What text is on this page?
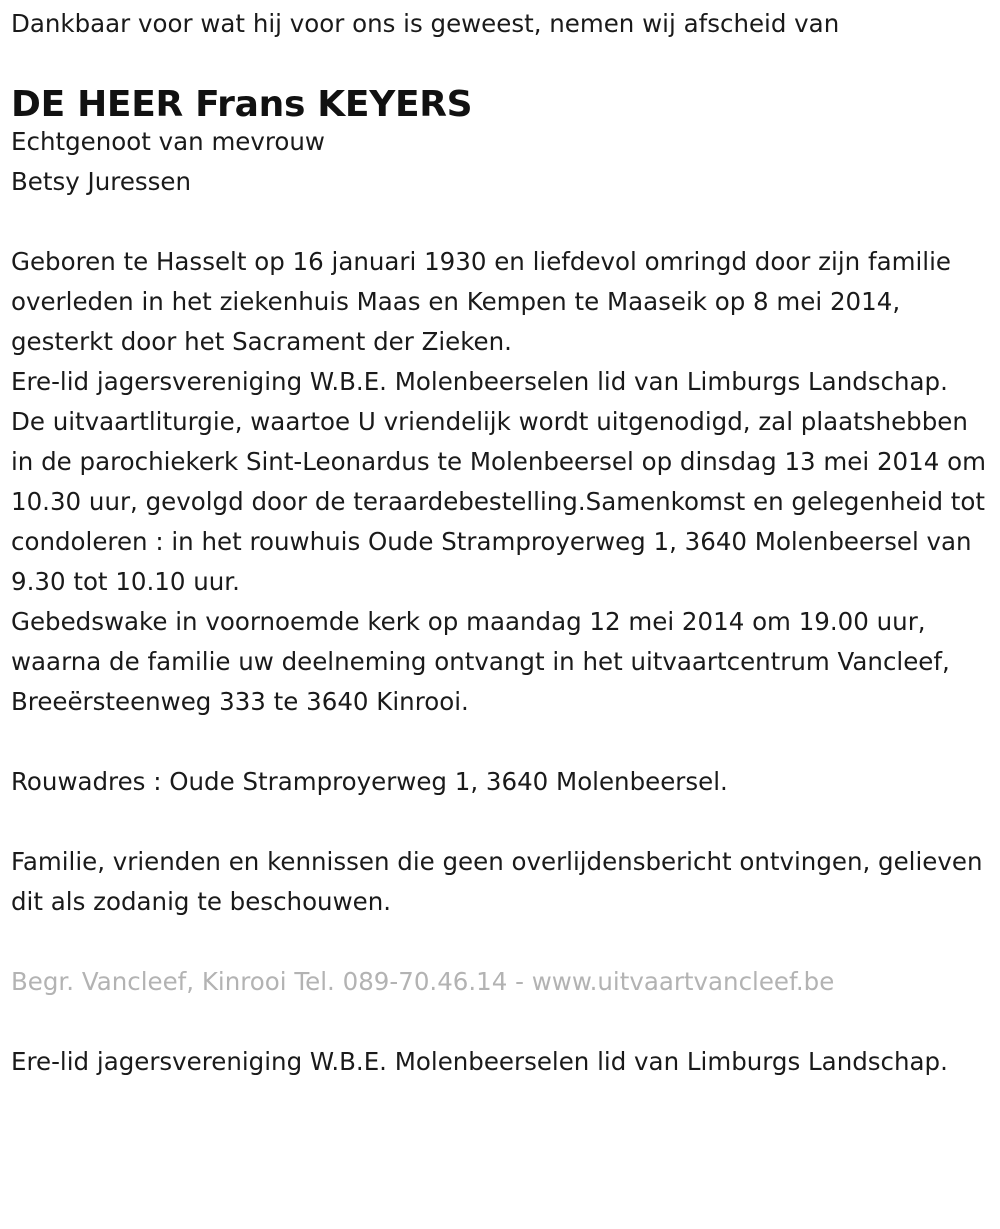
Dankbaar voor wat hij voor ons is geweest, nemen wij afscheid van

DE HEER Frans KEYERS

Echtgenoot van mevrouw

Betsy Juressen

Geboren te Hasselt op 16 januari 1930 en liefdevol omringd door zijn familie overleden in het ziekenhuis Maas en Kempen te Maaseik op 8 mei 2014, gesterkt door het Sacrament der Zieken.

Ere-lid jagersvereniging W.B.E. Molenbeerselen lid van Limburgs Landschap.

De uitvaartliturgie, waartoe U vriendelijk wordt uitgenodigd, zal plaatshebben in de parochiekerk Sint-Leonardus te Molenbeersel op dinsdag 13 mei 2014 om 10.30 uur, gevolgd door de teraardebestelling.Samenkomst en gelegenheid tot condoleren : in het rouwhuis Oude Stramproyerweg 1, 3640 Molenbeersel van 9.30 tot 10.10 uur.

Gebedswake in voornoemde kerk op maandag 12 mei 2014 om 19.00 uur, waarna de familie uw deelneming ontvangt in het uitvaartcentrum Vancleef, Breeërsteenweg 333 te 3640 Kinrooi.

Rouwadres : Oude Stramproyerweg 1, 3640 Molenbeersel.

Familie, vrienden en kennissen die geen overlijdensbericht ontvingen, gelieven dit als zodanig te beschouwen.

Begr. Vancleef, Kinrooi Tel. 089-70.46.14 - www.uitvaartvancleef.be

Ere-lid jagersvereniging W.B.E. Molenbeerselen lid van Limburgs Landschap.
